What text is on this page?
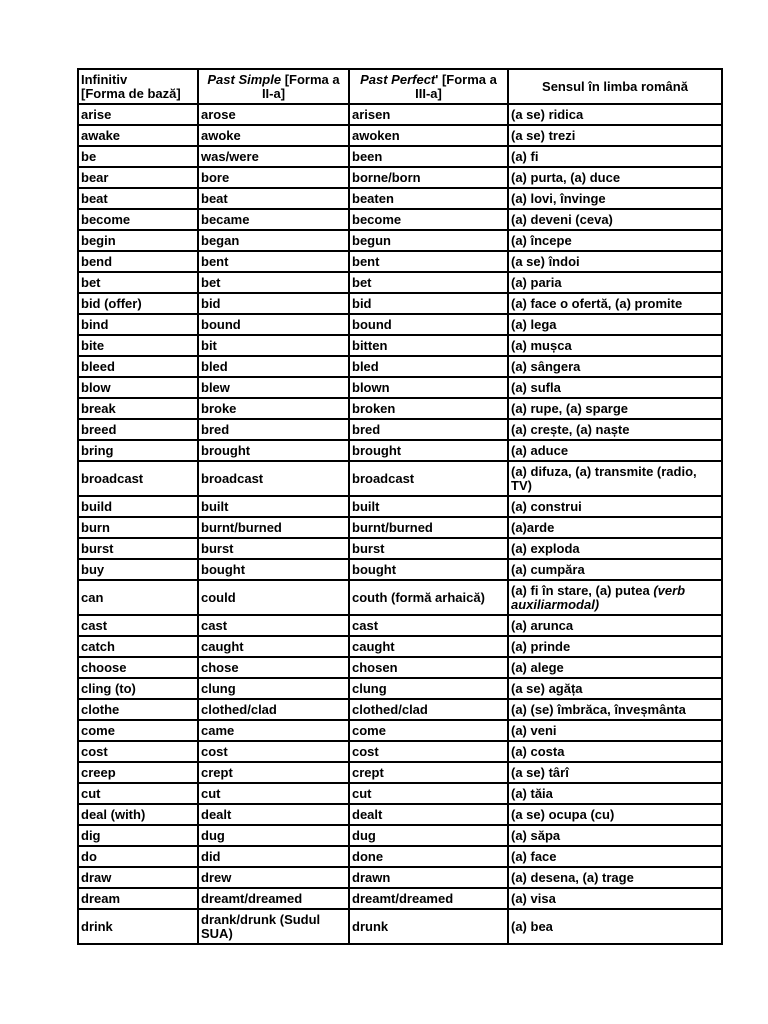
Infinitiv
[Forma de bază]	Past Simple [Forma a II-a]	Past Perfect' [Forma a III-a]	Sensul în limba română
arise	arose	arisen	(a se) ridica
awake	awoke	awoken	(a se) trezi
be	was/were	been	(a) fi
bear	bore	borne/born	(a) purta, (a) duce
beat	beat	beaten	(a) lovi, învinge
become	became	become	(a) deveni (ceva)
begin	began	begun	(a) începe
bend	bent	bent	(a se) îndoi
bet	bet	bet	(a) paria
bid (offer)	bid	bid	(a) face o ofertă, (a) promite
bind	bound	bound	(a) lega
bite	bit	bitten	(a) mușca
bleed	bled	bled	(a) sângera
blow	blew	blown	(a) sufla
break	broke	broken	(a) rupe, (a) sparge
breed	bred	bred	(a) crește, (a) naște
bring	brought	brought	(a) aduce
broadcast	broadcast	broadcast	(a) difuza, (a) transmite (radio, TV)
build	built	built	(a) construi
burn	burnt/burned	burnt/burned	(a)arde
burst	burst	burst	(a) exploda
buy	bought	bought	(a) cumpăra
can	could	couth (formă arhaică)	(a) fi în stare, (a) putea (verb auxiliarmodal)
cast	cast	cast	(a) arunca
catch	caught	caught	(a) prinde
choose	chose	chosen	(a) alege
cling (to)	clung	clung	(a se) agăța
clothe	clothed/clad	clothed/clad	(a) (se) îmbrăca, înveșmânta
come	came	come	(a) veni
cost	cost	cost	(a) costa
creep	crept	crept	(a se) târî
cut	cut	cut	(a) tăia
deal (with)	dealt	dealt	(a se) ocupa (cu)
dig	dug	dug	(a) săpa
do	did	done	(a) face
draw	drew	drawn	(a) desena, (a) trage
dream	dreamt/dreamed	dreamt/dreamed	(a) visa
drink	drank/drunk (Sudul SUA)	drunk	(a) bea
